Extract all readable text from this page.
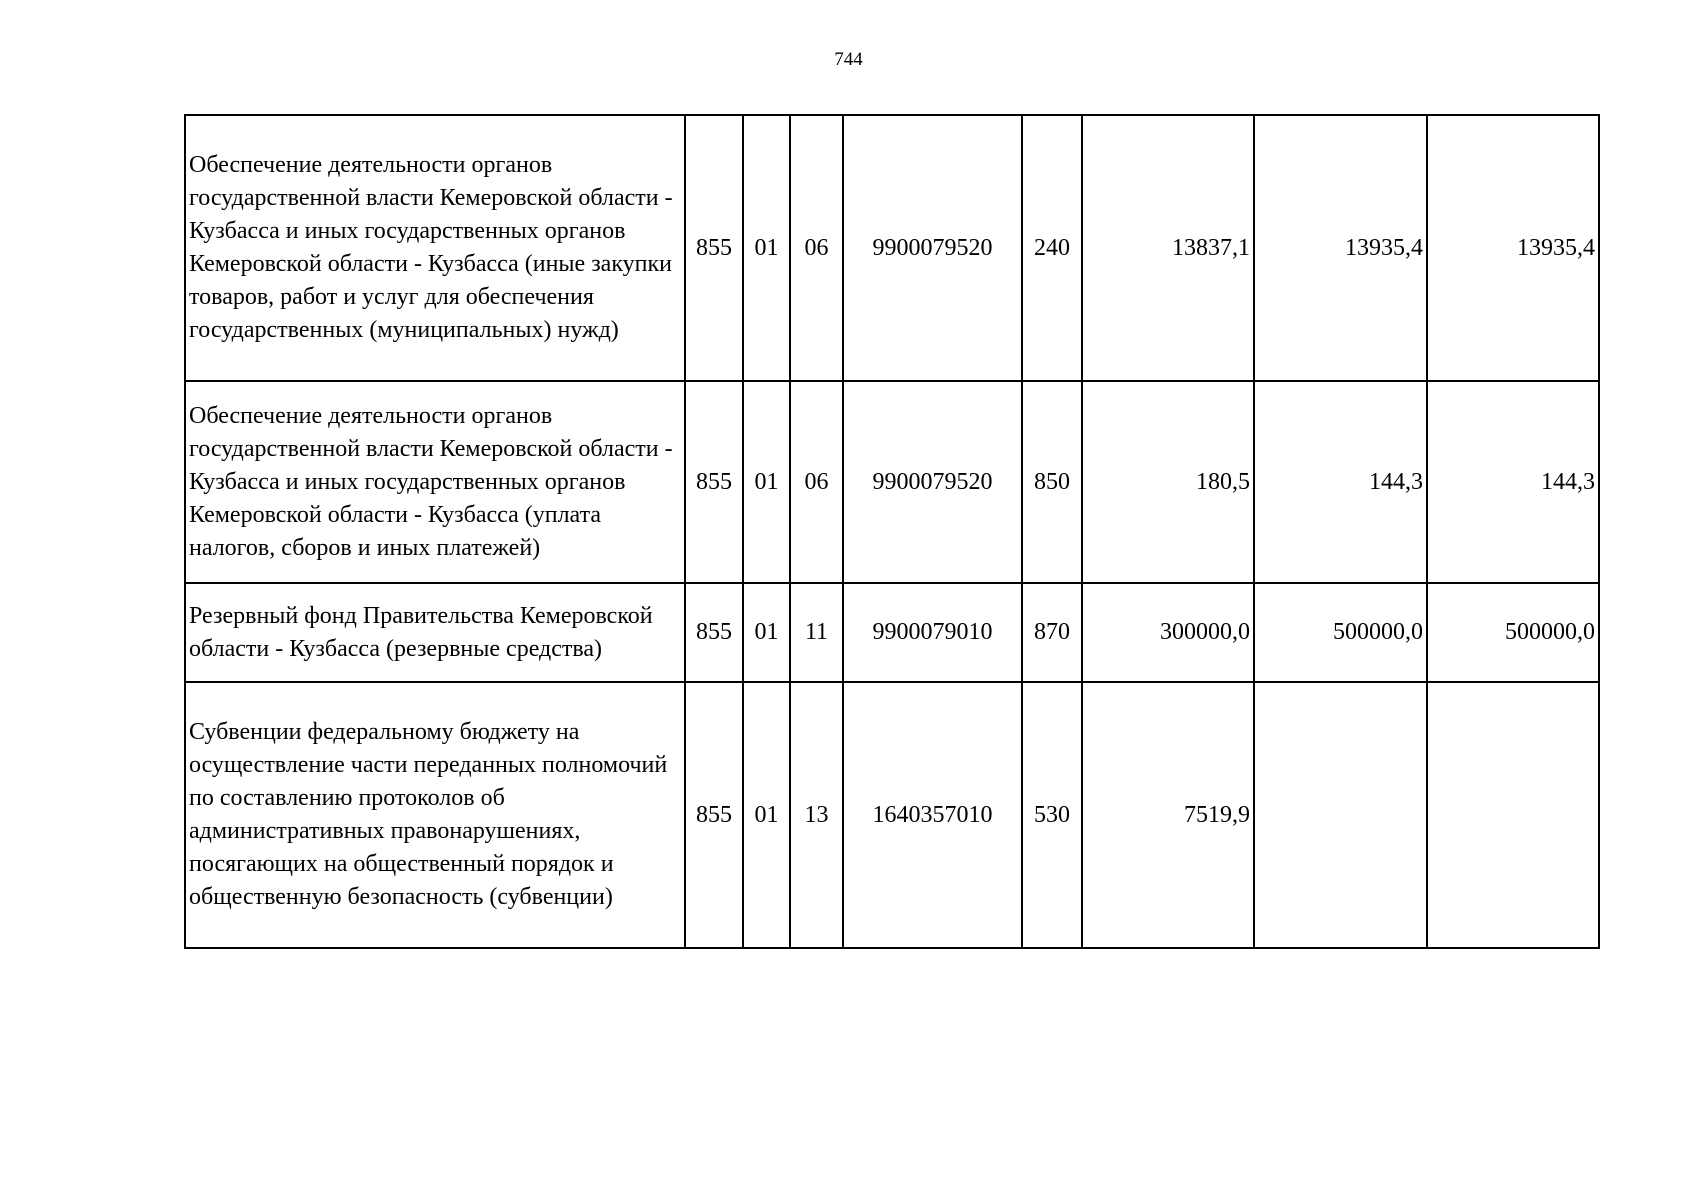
744
Обеспечение деятельности органов государственной власти Кемеровской области - Кузбасса и иных государственных органов Кемеровской области - Кузбасса (иные закупки товаров, работ и услуг для обеспечения государственных (муниципальных) нужд)	855	01	06	9900079520	240	13837,1	13935,4	13935,4
Обеспечение деятельности органов государственной власти Кемеровской области - Кузбасса и иных государственных органов Кемеровской области - Кузбасса (уплата налогов, сборов и иных платежей)	855	01	06	9900079520	850	180,5	144,3	144,3
Резервный фонд Правительства Кемеровской области - Кузбасса (резервные средства)	855	01	11	9900079010	870	300000,0	500000,0	500000,0
Субвенции федеральному бюджету на осуществление части переданных полномочий по составлению протоколов об административных правонарушениях, посягающих на общественный порядок и общественную безопасность (субвенции)	855	01	13	1640357010	530	7519,9		
